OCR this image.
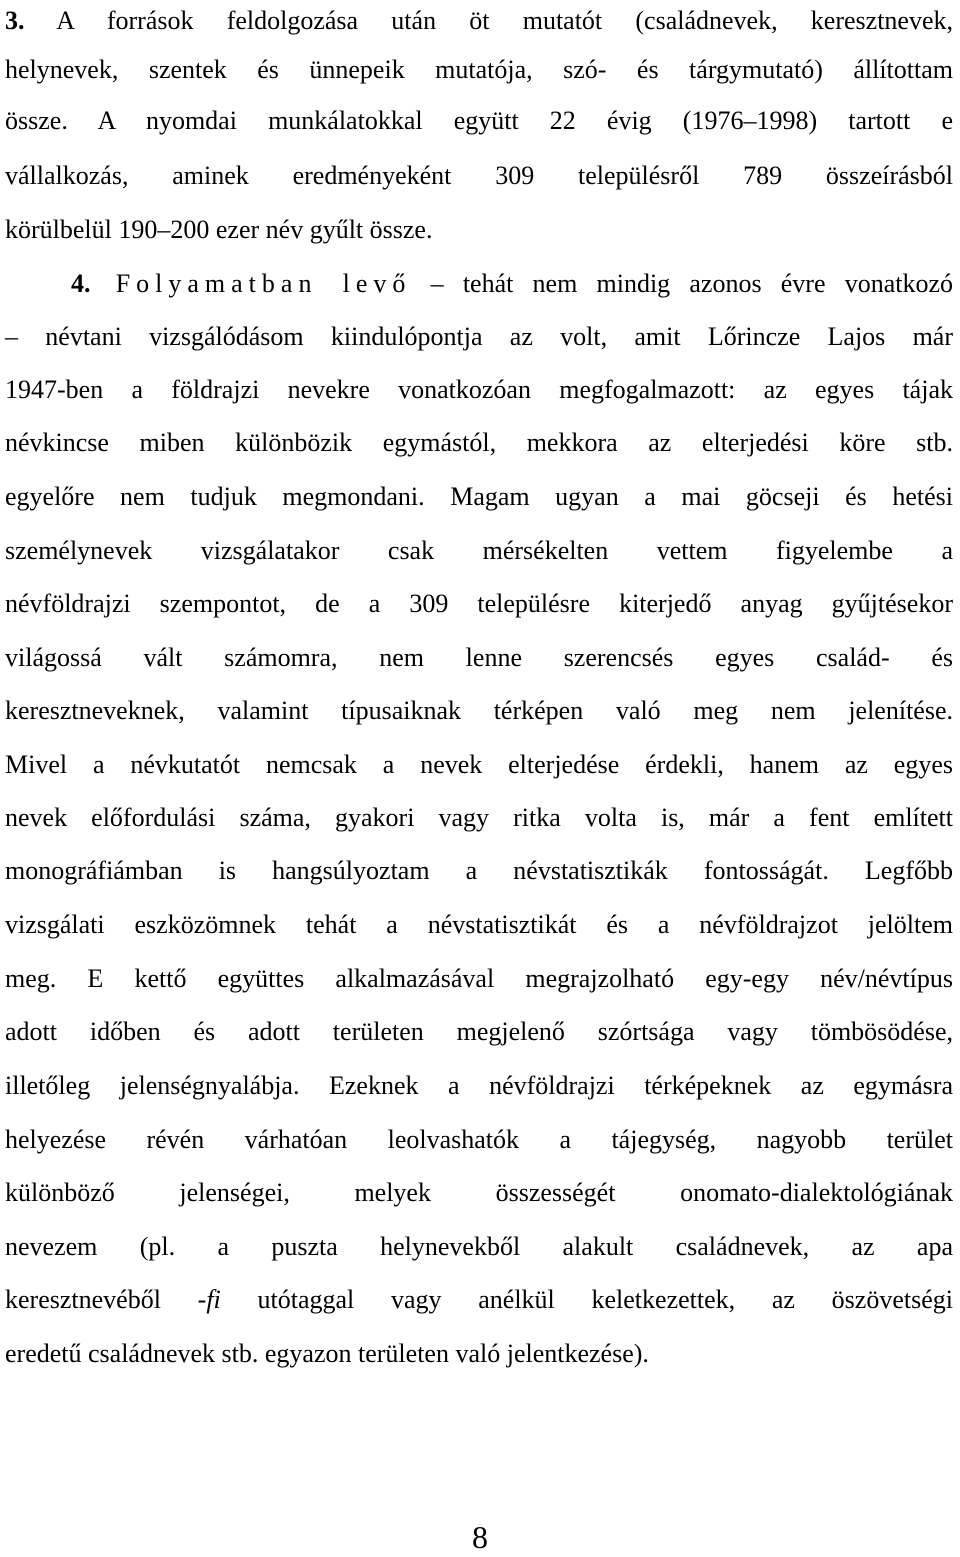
3. A források feldolgozása után öt mutatót (családnevek, keresztnevek,
helynevek, szentek és ünnepeik mutatója, szó- és tárgymutató) állítottam
össze. A nyomdai munkálatokkal együtt 22 évig (1976–1998) tartott e
vállalkozás, aminek eredményeként 309 településről 789 összeírásból
körülbelül 190–200 ezer név gyűlt össze.
4. Folyamatban levő – tehát nem mindig azonos évre vonatkozó
– névtani vizsgálódásom kiindulópontja az volt, amit Lőrincze Lajos már
1947-ben a földrajzi nevekre vonatkozóan megfogalmazott: az egyes tájak
névkincse miben különbözik egymástól, mekkora az elterjedési köre stb.
egyelőre nem tudjuk megmondani. Magam ugyan a mai göcseji és hetési
személynevek vizsgálatakor csak mérsékelten vettem figyelembe a
névföldrajzi szempontot, de a 309 településre kiterjedő anyag gyűjtésekor
világossá vált számomra, nem lenne szerencsés egyes család- és
keresztneveknek, valamint típusaiknak térképen való meg nem jelenítése.
Mivel a névkutatót nemcsak a nevek elterjedése érdekli, hanem az egyes
nevek előfordulási száma, gyakori vagy ritka volta is, már a fent említett
monográfiámban is hangsúlyoztam a névstatisztikák fontosságát. Legfőbb
vizsgálati eszközömnek tehát a névstatisztikát és a névföldrajzot jelöltem
meg. E kettő együttes alkalmazásával megrajzolható egy-egy név/névtípus
adott időben és adott területen megjelenő szórtsága vagy tömbösödése,
illetőleg jelenségnyalábja. Ezeknek a névföldrajzi térképeknek az egymásra
helyezése révén várhatóan leolvashatók a tájegység, nagyobb terület
különböző jelenségei, melyek összességét onomato-dialektológiának
nevezem (pl. a puszta helynevekből alakult családnevek, az apa
keresztnevéből -fi utótaggal vagy anélkül keletkezettek, az öszövetségi
eredetű családnevek stb. egyazon területen való jelentkezése).
8
